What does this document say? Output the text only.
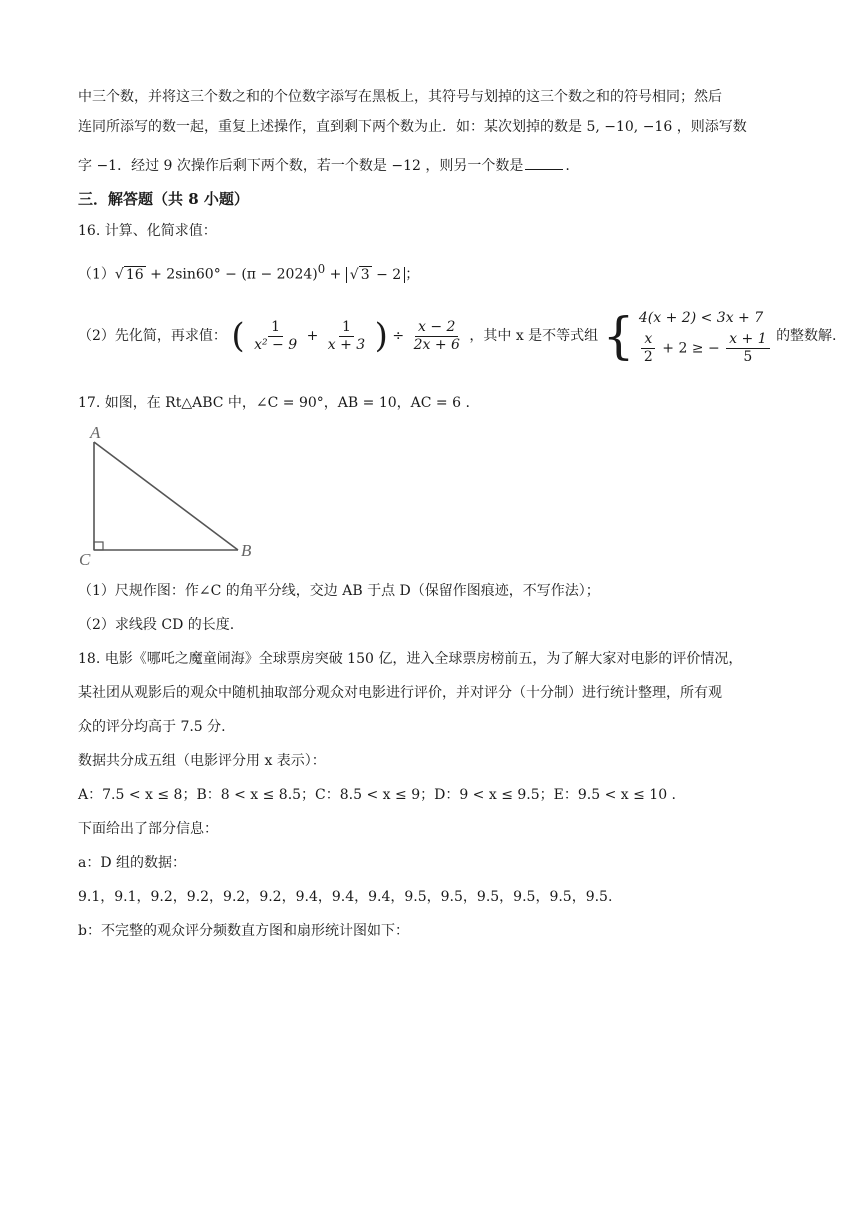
中三个数，并将这三个数之和的个位数字添写在黑板上，其符号与划掉的这三个数之和的符号相同；然后
连同所添写的数一起，重复上述操作，直到剩下两个数为止．如：某次划掉的数是 5, −10, −16 ，则添写数
字 −1．经过 9 次操作后剩下两个数，若一个数是 −12 ，则另一个数是	.
三．解答题（共 8 小题）
16. 计算、化简求值：
（1）√ $16 + 2\sin 60^\circ - (\pi - 2024)^0$ + √ 3 − 2 ；
（2）先化简，再求值： ( $\frac{1}{\text{x² − 9}} + \frac{1}{x + 3}$ ) ÷ $\frac{x - 2}{2x + 6}$ ，其中 x 是不等式组 { 4(x + 2) < 3x + 7
$\frac{x}{2} + 2$ ≥ − $\frac{x + 1}{5}$ 的整数解.
17. 如图，在 Rt△ABC 中，∠C = 90°，AB = 10，AC = 6 .
A
C	B
（1）尺规作图：作∠C 的角平分线，交边 AB 于点 D（保留作图痕迹，不写作法）；
（2）求线段 CD 的长度.
18. 电影《哪吒之魔童闹海》全球票房突破 150 亿，进入全球票房榜前五，为了解大家对电影的评价情况，
某社团从观影后的观众中随机抽取部分观众对电影进行评价，并对评分（十分制）进行统计整理，所有观
众的评分均高于 7.5 分.
数据共分成五组（电影评分用 x 表示）：
A：7.5 < x ≤ 8；B：8 < x ≤ 8.5；C：8.5 < x ≤ 9；D：9 < x ≤ 9.5；E：9.5 < x ≤ 10 .
下面给出了部分信息：
a：D 组的数据：
9.1，9.1，9.2，9.2，9.2，9.2，9.4，9.4，9.4，9.5，9.5，9.5，9.5，9.5，9.5.
b：不完整的观众评分频数直方图和扇形统计图如下：
